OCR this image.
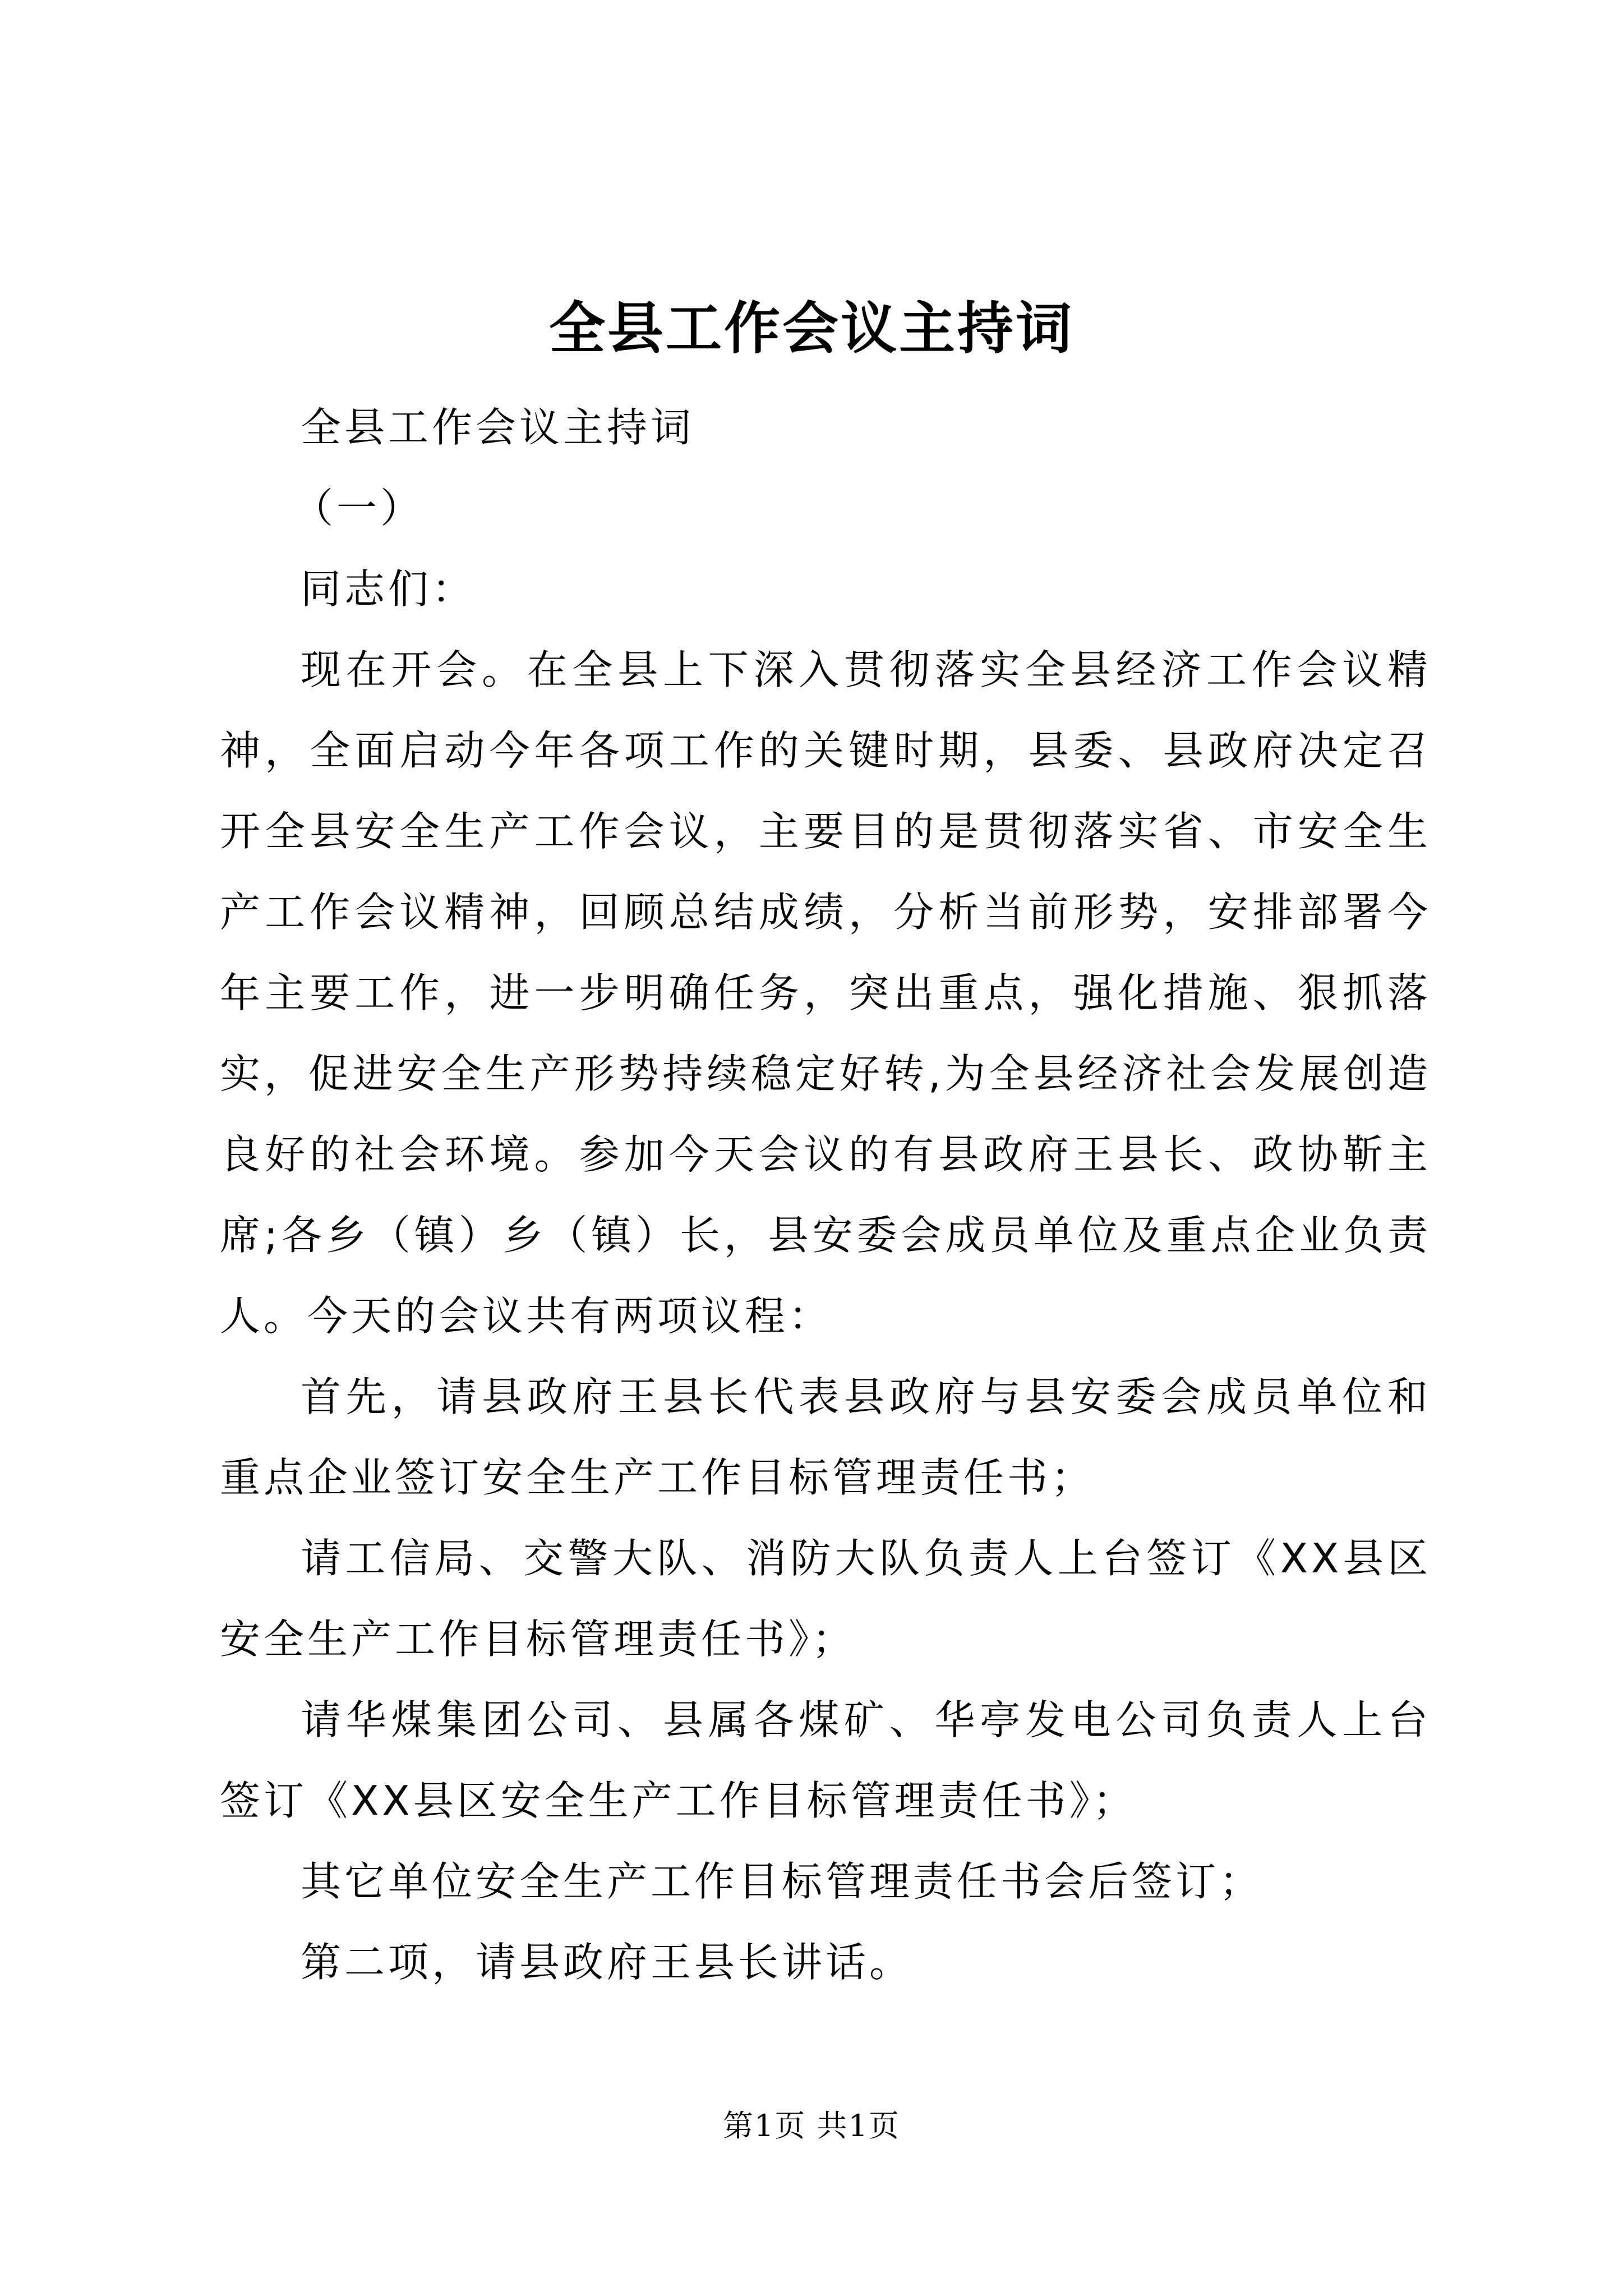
全县工作会议主持词

全县工作会议主持词

（一）

同志们：

现在开会。在全县上下深入贯彻落实全县经济工作会议精神，全面启动今年各项工作的关键时期，县委、县政府决定召开全县安全生产工作会议，主要目的是贯彻落实省、市安全生产工作会议精神，回顾总结成绩，分析当前形势，安排部署今年主要工作，进一步明确任务，突出重点，强化措施、狠抓落实，促进安全生产形势持续稳定好转,为全县经济社会发展创造良好的社会环境。参加今天会议的有县政府王县长、政协靳主席;各乡（镇）乡（镇）长，县安委会成员单位及重点企业负责人。今天的会议共有两项议程：

首先，请县政府王县长代表县政府与县安委会成员单位和重点企业签订安全生产工作目标管理责任书；

请工信局、交警大队、消防大队负责人上台签订《XX县区安全生产工作目标管理责任书》；

请华煤集团公司、县属各煤矿、华亭发电公司负责人上台签订《XX县区安全生产工作目标管理责任书》；

其它单位安全生产工作目标管理责任书会后签订；

第二项，请县政府王县长讲话。

第1页 共1页
